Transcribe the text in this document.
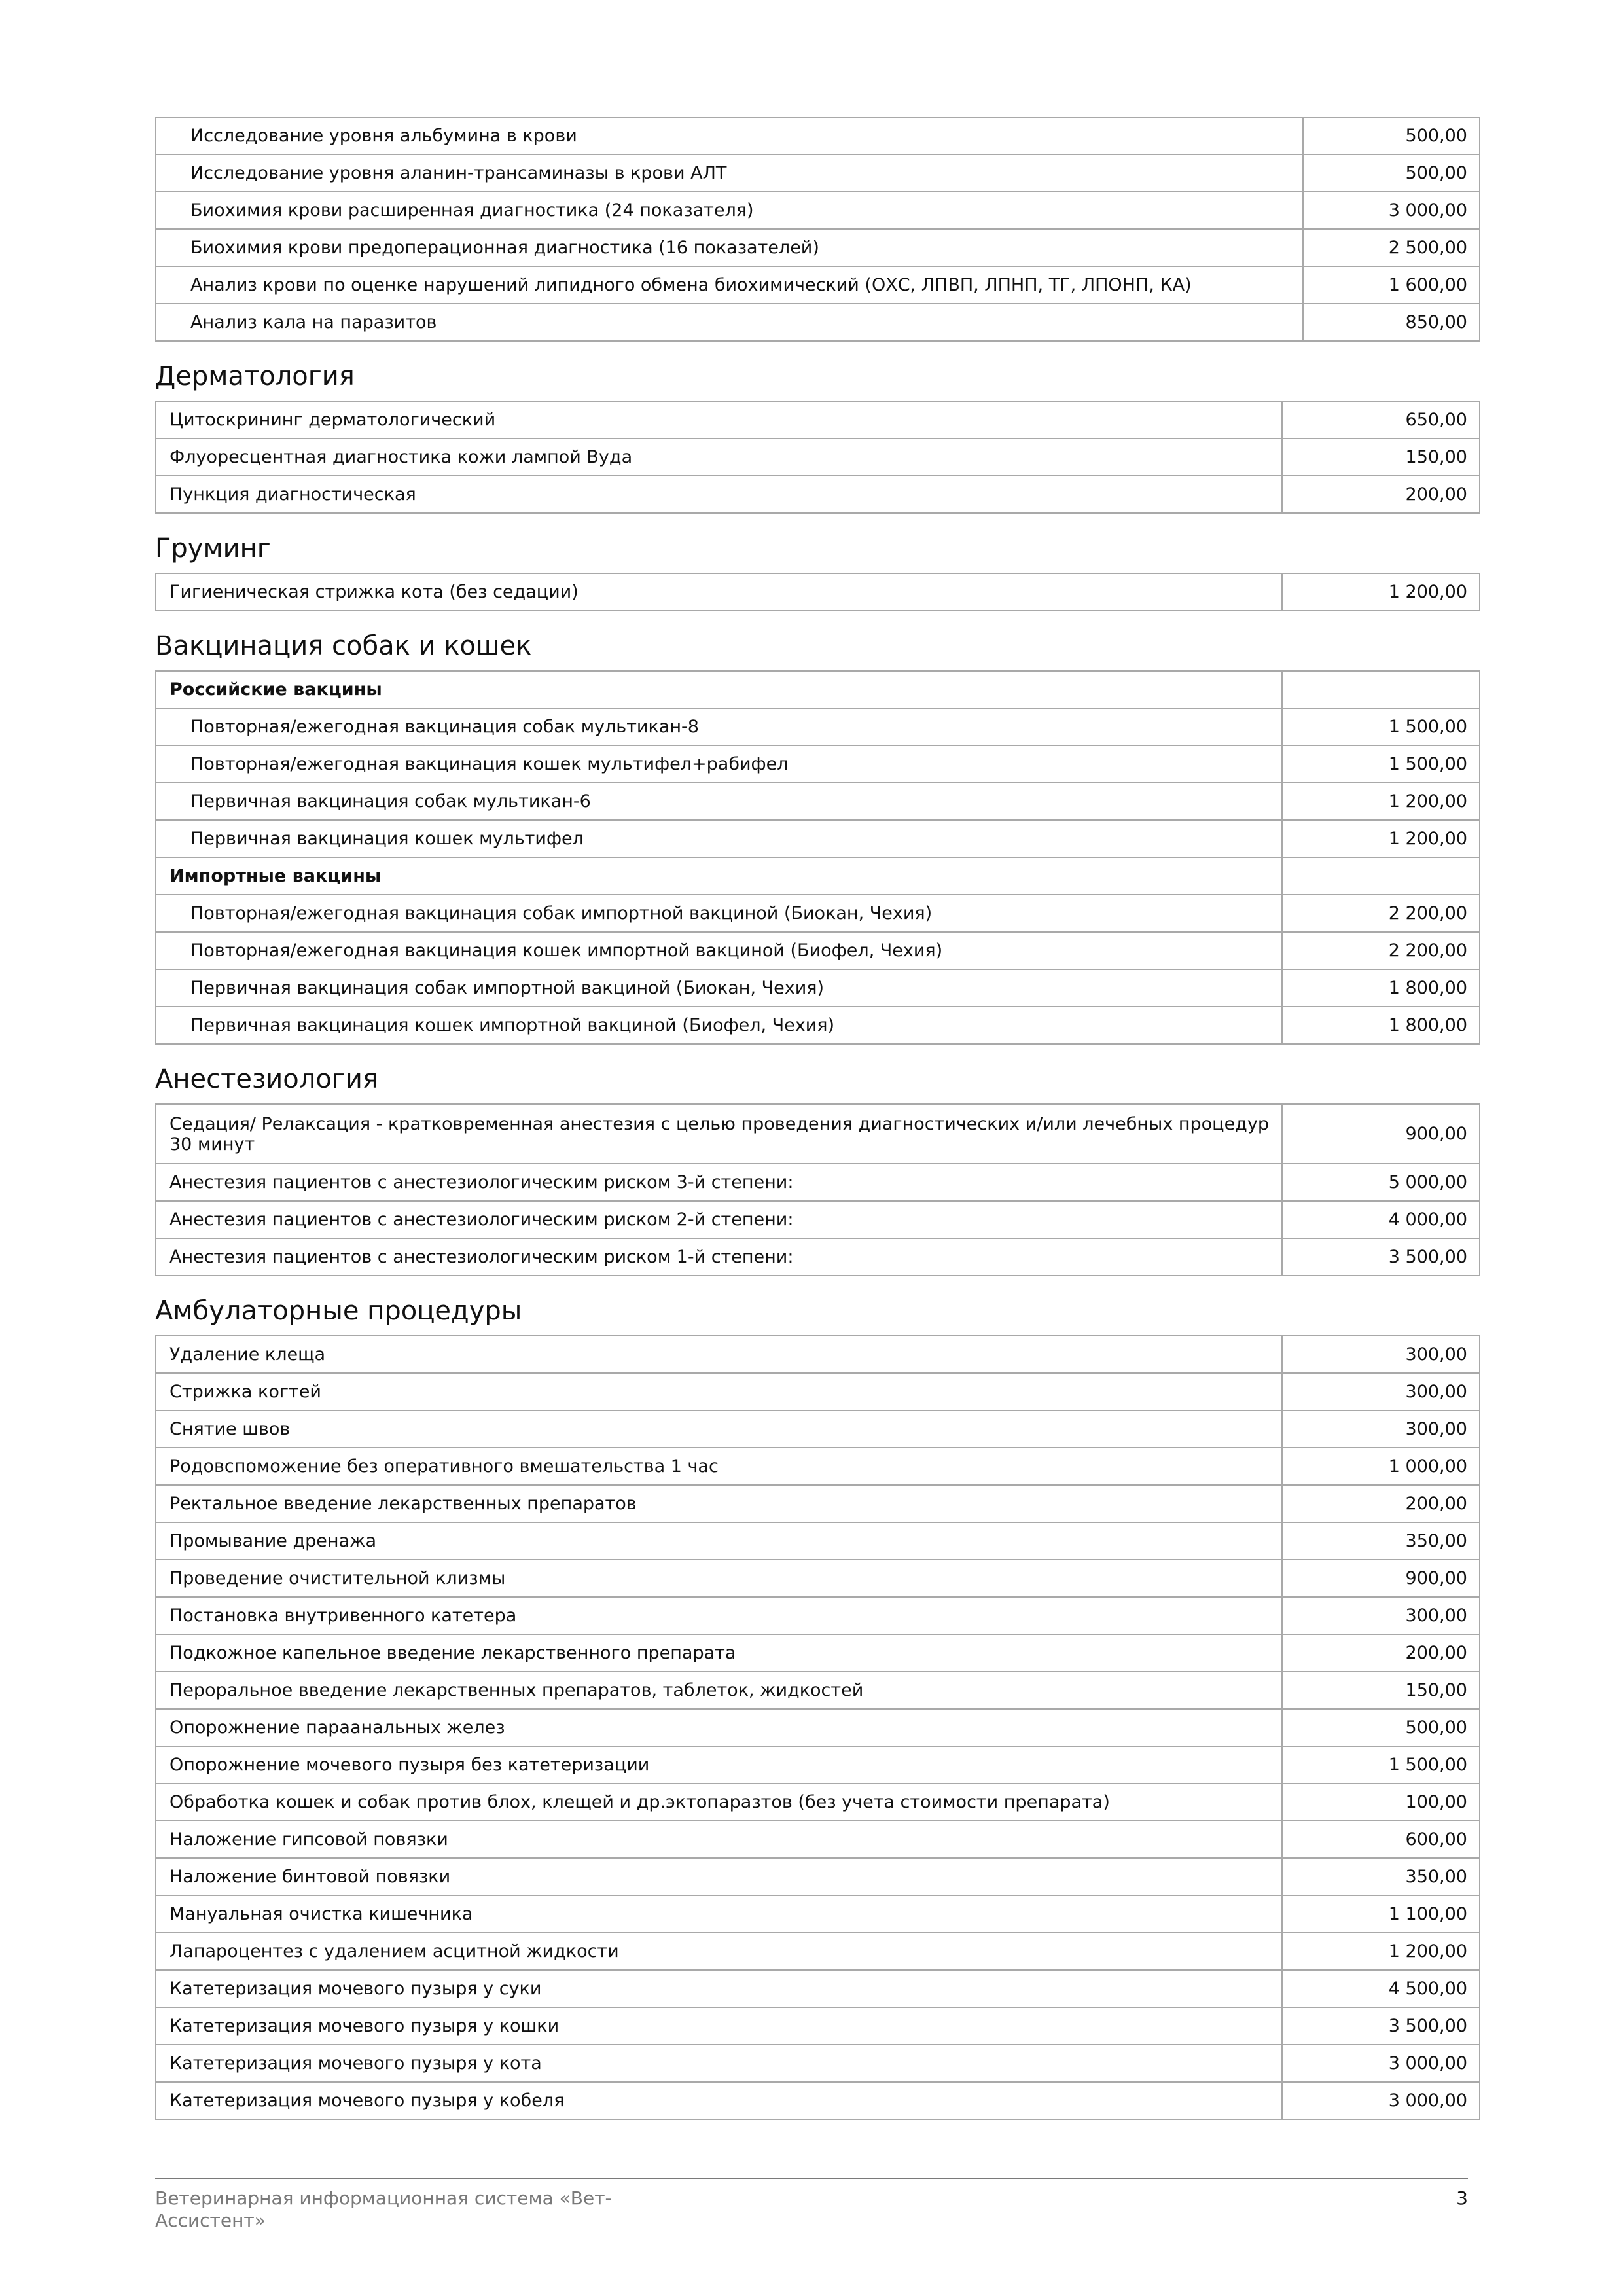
Исследование уровня альбумина в крови	500,00
Исследование уровня аланин-трансаминазы в крови АЛТ	500,00
Биохимия крови расширенная диагностика (24 показателя)	3 000,00
Биохимия крови предоперационная диагностика (16 показателей)	2 500,00
Анализ крови по оценке нарушений липидного обмена биохимический (ОХС, ЛПВП, ЛПНП, ТГ, ЛПОНП, КА)	1 600,00
Анализ кала на паразитов	850,00
Дерматология
Цитоскрининг дерматологический	650,00
Флуоресцентная диагностика кожи лампой Вуда	150,00
Пункция диагностическая	200,00
Груминг
Гигиеническая стрижка кота (без седации)	1 200,00
Вакцинация собак и кошек
Российские вакцины	
Повторная/ежегодная вакцинация собак мультикан-8	1 500,00
Повторная/ежегодная вакцинация кошек мультифел+рабифел	1 500,00
Первичная вакцинация собак мультикан-6	1 200,00
Первичная вакцинация кошек мультифел	1 200,00
Импортные вакцины	
Повторная/ежегодная вакцинация собак импортной вакциной (Биокан, Чехия)	2 200,00
Повторная/ежегодная вакцинация кошек импортной вакциной (Биофел, Чехия)	2 200,00
Первичная вакцинация собак импортной вакциной (Биокан, Чехия)	1 800,00
Первичная вакцинация кошек импортной вакциной (Биофел, Чехия)	1 800,00
Анестезиология
Седация/ Релаксация - кратковременная анестезия с целью проведения диагностических и/или лечебных процедур 30 минут	900,00
Анестезия пациентов с анестезиологическим риском 3-й степени:	5 000,00
Анестезия пациентов с анестезиологическим риском 2-й степени:	4 000,00
Анестезия пациентов с анестезиологическим риском 1-й степени:	3 500,00
Амбулаторные процедуры
Удаление клеща	300,00
Стрижка когтей	300,00
Снятие швов	300,00
Родовспоможение без оперативного вмешательства 1 час	1 000,00
Ректальное введение лекарственных препаратов	200,00
Промывание дренажа	350,00
Проведение очистительной клизмы	900,00
Постановка внутривенного катетера	300,00
Подкожное капельное введение лекарственного препарата	200,00
Пероральное введение лекарственных препаратов, таблеток, жидкостей	150,00
Опорожнение параанальных желез	500,00
Опорожнение мочевого пузыря без катетеризации	1 500,00
Обработка кошек и собак против блох, клещей и др.эктопаразтов (без учета стоимости препарата)	100,00
Наложение гипсовой повязки	600,00
Наложение бинтовой повязки	350,00
Мануальная очистка кишечника	1 100,00
Лапароцентез с удалением асцитной жидкости	1 200,00
Катетеризация мочевого пузыря у суки	4 500,00
Катетеризация мочевого пузыря у кошки	3 500,00
Катетеризация мочевого пузыря у кота	3 000,00
Катетеризация мочевого пузыря у кобеля	3 000,00
Ветеринарная информационная система «Вет-
Ассистент»
3
